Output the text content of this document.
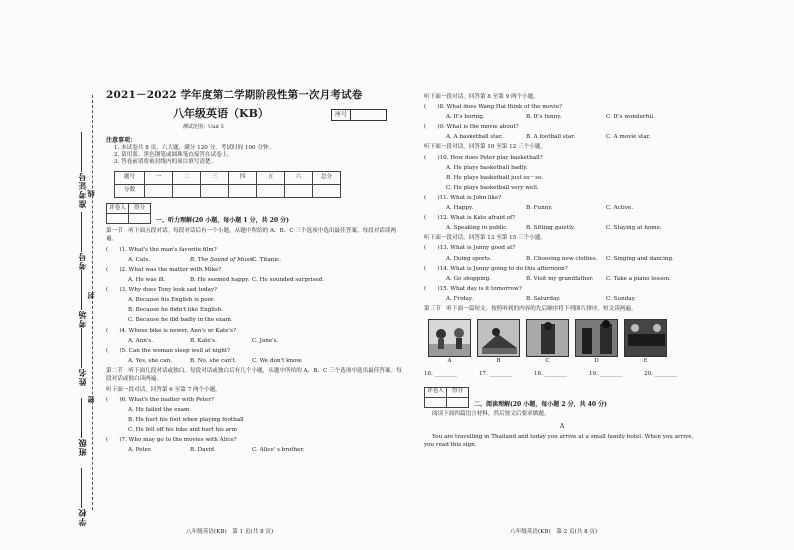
线
封
密
准考证号
考号
考场
姓名
班级
学校
2021－2022 学年度第二学期阶段性第一次月考试卷
八年级英语（KB）	座号
测试范围：Unit 5
注意事项：
1. 本试卷共 8 页，六大题，满分 120 分，考试时间 100 分钟。
2. 请用蓝、黑色钢笔或圆珠笔直接答在试卷上。
3. 答卷前请将密封线内的项目填写清楚。
题号	一	二	三	四	五	六	总分
分数							
评卷人	得分

一、听力理解(20 小题，每小题 1 分，共 20 分)
第一节　听下面五段对话。每段对话后有一个小题，从题中所给的 A、B、C 三个选项中选出最佳答案。每段对话读两遍。
(　　)1. What's the man's favorite film?
A. Cats.	B. The Sound of Music.
C. Titanic.
(　　)2. What was the matter with Mike?
A. He was ill.	B. He seemed happy. C. He sounded surprised.
(　　)3. Why does Tony look sad today?
A. Because his English is poor.
B. Because he didn't like English.
C. Because he did badly in the exam.
(　　)4. Whose bike is newer, Ann's or Kate's?
A. Ann's.	B. Kate's.	C. Jane's.
(　　)5. Can the woman sleep well at night?
A. Yes, she can.	B. No, she can't.	C. We don't know.
第二节　听下面几段对话或独白。每段对话或独白后有几个小题，从题中所给的 A、B、C 三个选项中选出最佳答案。每段对话或独白读两遍。
听下面一段对话，回答第 6 至第 7 两个小题。
(　　)6. What's the matter with Peter?
A. He failed the exam
B. He hurt his foot when playing football
C. He fell off his bike and hurt his arm
(　　)7. Who may go to the movies with Alice?
A. Peter.	B. David.	C. Alice' s brother.
八年级英语(KB)　第 1 页(共 8 页)
听下面一段对话，回答第 8 至第 9 两个小题。
(　　)8. What does Wang Hai think of the movie?
A. It's boring.	B. It's funny.	C. It's wonderful.
(　　)9. What is the movie about?
A. A basketball star.	B. A football star.	C. A movie star.
听下面一段对话，回答第 10 至第 12 三个小题。
(　　)10. How does Peter play basketball?
A. He plays basketball badly.
B. He plays basketball just so－so.
C. He plays basketball very well.
(　　)11. What is John like?
A. Happy.	B. Funny.	C. Active.
(　　)12. What is Kate afraid of?
A. Speaking in public.	B. Sitting quietly.	C. Staying at home.
听下面一段对话，回答第 13 至第 15 三个小题。
(　　)13. What is Jenny good at?
A. Doing sports.	B. Choosing new clothes.	C. Singing and dancing.
(　　)14. What is Jenny going to do this afternoon?
A. Go shopping.	B. Visit my grandfather.	C. Take a piano lesson.
(　　)15. What day is it tomorrow?
A. Friday.	B. Saturday.	C. Sunday.
第三节　听下面一篇短文，按照听到的内容的先后顺序将下列图片排序。短文读两遍。
A	B	C	D	E
16. ________	17. ________	18. ________	19. ________	20. ________
评卷人	得分

二、阅读理解(20 小题，每小题 2 分，共 40 分)
阅读下面四篇语言材料，然后按文后要求做题。
A
You are travelling in Thailand and today you arrive at a small family hotel. When you arrive, you read this sign.
八年级英语(KB)　第 2 页(共 8 页)
